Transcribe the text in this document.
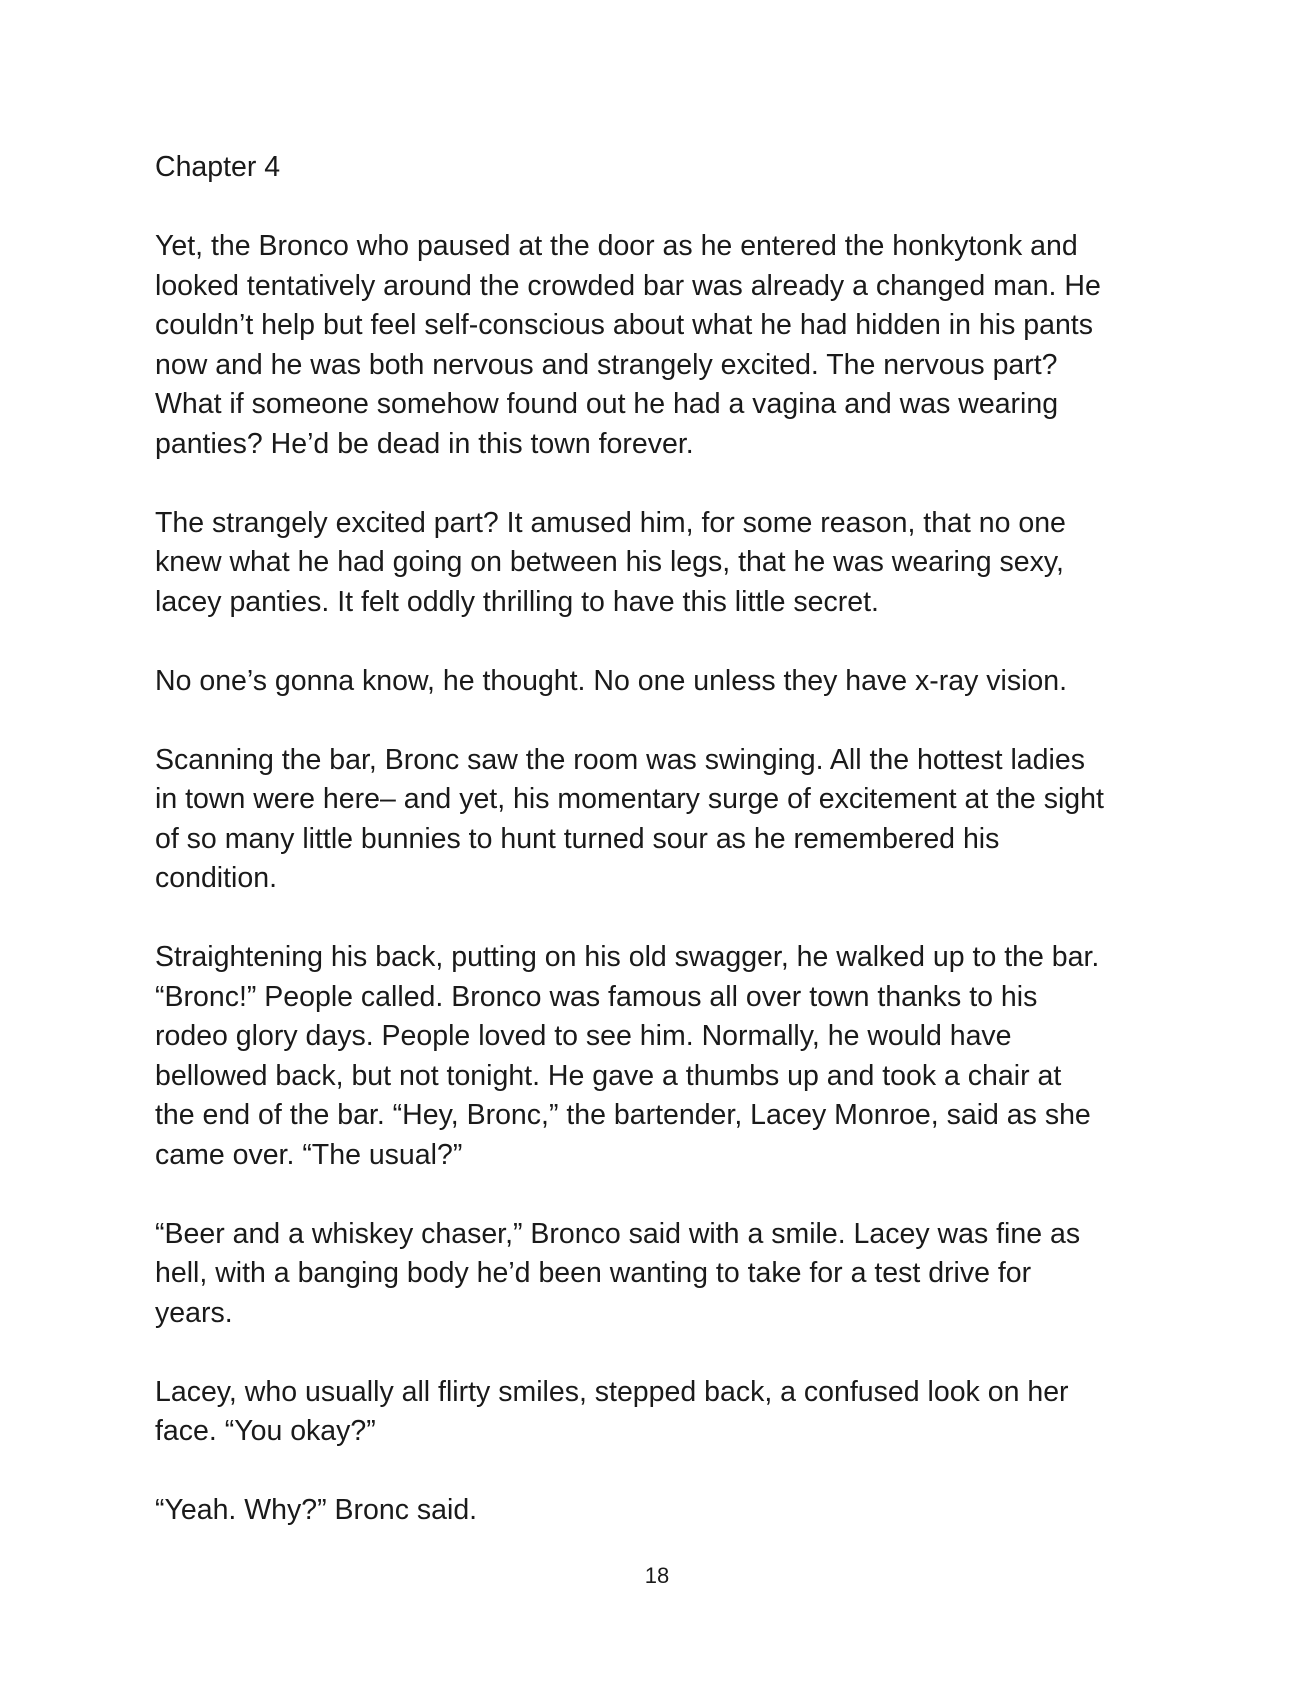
Chapter 4

Yet, the Bronco who paused at the door as he entered the honkytonk and
looked tentatively around the crowded bar was already a changed man. He
couldn’t help but feel self-conscious about what he had hidden in his pants
now and he was both nervous and strangely excited. The nervous part?
What if someone somehow found out he had a vagina and was wearing
panties? He’d be dead in this town forever.

The strangely excited part? It amused him, for some reason, that no one
knew what he had going on between his legs, that he was wearing sexy,
lacey panties. It felt oddly thrilling to have this little secret.

No one’s gonna know, he thought. No one unless they have x-ray vision.

Scanning the bar, Bronc saw the room was swinging. All the hottest ladies
in town were here– and yet, his momentary surge of excitement at the sight
of so many little bunnies to hunt turned sour as he remembered his
condition.

Straightening his back, putting on his old swagger, he walked up to the bar.
“Bronc!” People called. Bronco was famous all over town thanks to his
rodeo glory days. People loved to see him. Normally, he would have
bellowed back, but not tonight. He gave a thumbs up and took a chair at
the end of the bar. “Hey, Bronc,” the bartender, Lacey Monroe, said as she
came over. “The usual?”

“Beer and a whiskey chaser,” Bronco said with a smile. Lacey was fine as
hell, with a banging body he’d been wanting to take for a test drive for
years.

Lacey, who usually all flirty smiles, stepped back, a confused look on her
face. “You okay?”

“Yeah. Why?” Bronc said.

18
